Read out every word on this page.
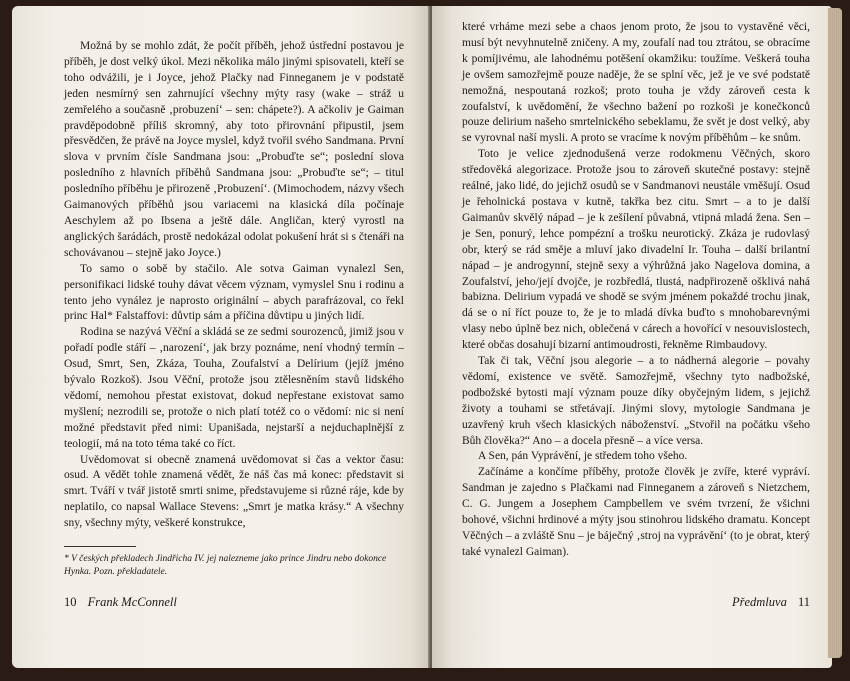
Možná by se mohlo zdát, že počít příběh, jehož ústřední postavou je příběh, je dost velký úkol. Mezi několika málo jinými spisovateli, kteří se toho odvážili, je i Joyce, jehož Plačky nad Finneganem je v podstatě jeden nesmírný sen zahrnující všechny mýty rasy (wake – stráž u zemřelého a současně ‚probuzení‘ – sen: chápete?). A ačkoliv je Gaiman pravděpodobně příliš skromný, aby toto přirovnání připustil, jsem přesvědčen, že právě na Joyce myslel, když tvořil svého Sandmana. První slova v prvním čísle Sandmana jsou: „Probuďte se“; poslední slova posledního z hlavních příběhů Sandmana jsou: „Probuďte se“; – titul posledního příběhu je přirozeně ‚Probuzení‘. (Mimochodem, názvy všech Gaimanových příběhů jsou variacemi na klasická díla počínaje Aeschylem až po Ibsena a ještě dále. Angličan, který vyrostl na anglických šarádách, prostě nedokázal odolat pokušení hrát si s čtenáři na schovávanou – stejně jako Joyce.)

To samo o sobě by stačilo. Ale sotva Gaiman vynalezl Sen, personifikaci lidské touhy dávat věcem význam, vymyslel Snu i rodinu a tento jeho vynález je naprosto originální – abych parafrázoval, co řekl princ Hal* Falstaffovi: důvtip sám a příčina důvtipu u jiných lidí.

Rodina se nazývá Věční a skládá se ze sedmi sourozenců, jimiž jsou v pořadí podle stáří – ‚narození‘, jak brzy poznáme, není vhodný termín – Osud, Smrt, Sen, Zkáza, Touha, Zoufalství a Delírium (jejíž jméno bývalo Rozkoš). Jsou Věční, protože jsou ztělesněním stavů lidského vědomí, nemohou přestat existovat, dokud nepřestane existovat samo myšlení; nezrodili se, protože o nich platí totéž co o vědomí: nic si není možné představit před nimi: Upanišada, nejstarší a nejduchaplnější z teologií, má na toto téma také co říct.

Uvědomovat si obecně znamená uvědomovat si čas a vektor času: osud. A vědět tohle znamená vědět, že náš čas má konec: představit si smrt. Tváří v tvář jistotě smrti snime, představujeme si různé ráje, kde by neplatilo, co napsal Wallace Stevens: „Smrt je matka krásy.“ A všechny sny, všechny mýty, veškeré konstrukce,

* V českých překladech Jindřicha IV. jej nalezneme jako prince Jindru nebo dokonce Hynka. Pozn. překladatele.

10 Frank McConnell

které vrháme mezi sebe a chaos jenom proto, že jsou to vystavěné věci, musí být nevyhnutelně zničeny. A my, zoufalí nad tou ztrátou, se obracíme k pomíjivému, ale lahodnému potěšení okamžiku: toužíme. Veškerá touha je ovšem samozřejmě pouze naděje, že se splní věc, jež je ve své podstatě nemožná, nespoutaná rozkoš; proto touha je vždy zároveň cesta k zoufalství, k uvědomění, že všechno bažení po rozkoši je konečkonců pouze delirium našeho smrtelnického sebeklamu, že svět je dost velký, aby se vyrovnal naší mysli. A proto se vracíme k novým příběhům – ke snům.

Toto je velice zjednodušená verze rodokmenu Věčných, skoro středověká alegorizace. Protože jsou to zároveň skutečné postavy: stejně reálné, jako lidé, do jejichž osudů se v Sandmanovi neustále vměšují. Osud je řeholnická postava v kutně, takřka bez citu. Smrt – a to je další Gaimanův skvělý nápad – je k zešílení půvabná, vtipná mladá žena. Sen – je Sen, ponurý, lehce pompézní a trošku neurotický. Zkáza je rudovlasý obr, který se rád směje a mluví jako divadelní Ir. Touha – další brilantní nápad – je androgynní, stejně sexy a výhrůžná jako Nagelova domina, a Zoufalství, jeho/její dvojče, je rozbředlá, tlustá, nadpřirozeně ošklivá nahá babizna. Delirium vypadá ve shodě se svým jménem pokaždé trochu jinak, dá se o ní říct pouze to, že je to mladá dívka buďto s mnohobarevnými vlasy nebo úplně bez nich, oblečená v cárech a hovořící v nesouvislostech, které občas dosahují bizarní antimoudrosti, řekněme Rimbaudovy.

Tak či tak, Věční jsou alegorie – a to nádherná alegorie – povahy vědomí, existence ve světě. Samozřejmě, všechny tyto nadbožské, podbožské bytosti mají význam pouze díky obyčejným lidem, s jejichž životy a touhami se střetávají. Jinými slovy, mytologie Sandmana je uzavřený kruh všech klasických náboženství. „Stvořil na počátku všeho Bůh člověka?“ Ano – a docela přesně – a více versa.

A Sen, pán Vyprávění, je středem toho všeho.

Začínáme a končíme příběhy, protože člověk je zvíře, které vypráví. Sandman je zajedno s Plačkami nad Finneganem a zároveň s Nietzchem, C. G. Jungem a Josephem Campbellem ve svém tvrzení, že všichni bohové, všichni hrdinové a mýty jsou stinohrou lidského dramatu. Koncept Věčných – a zvláště Snu – je báječný ‚stroj na vyprávění‘ (to je obrat, který také vynalezl Gaiman).

Předmluva 11
